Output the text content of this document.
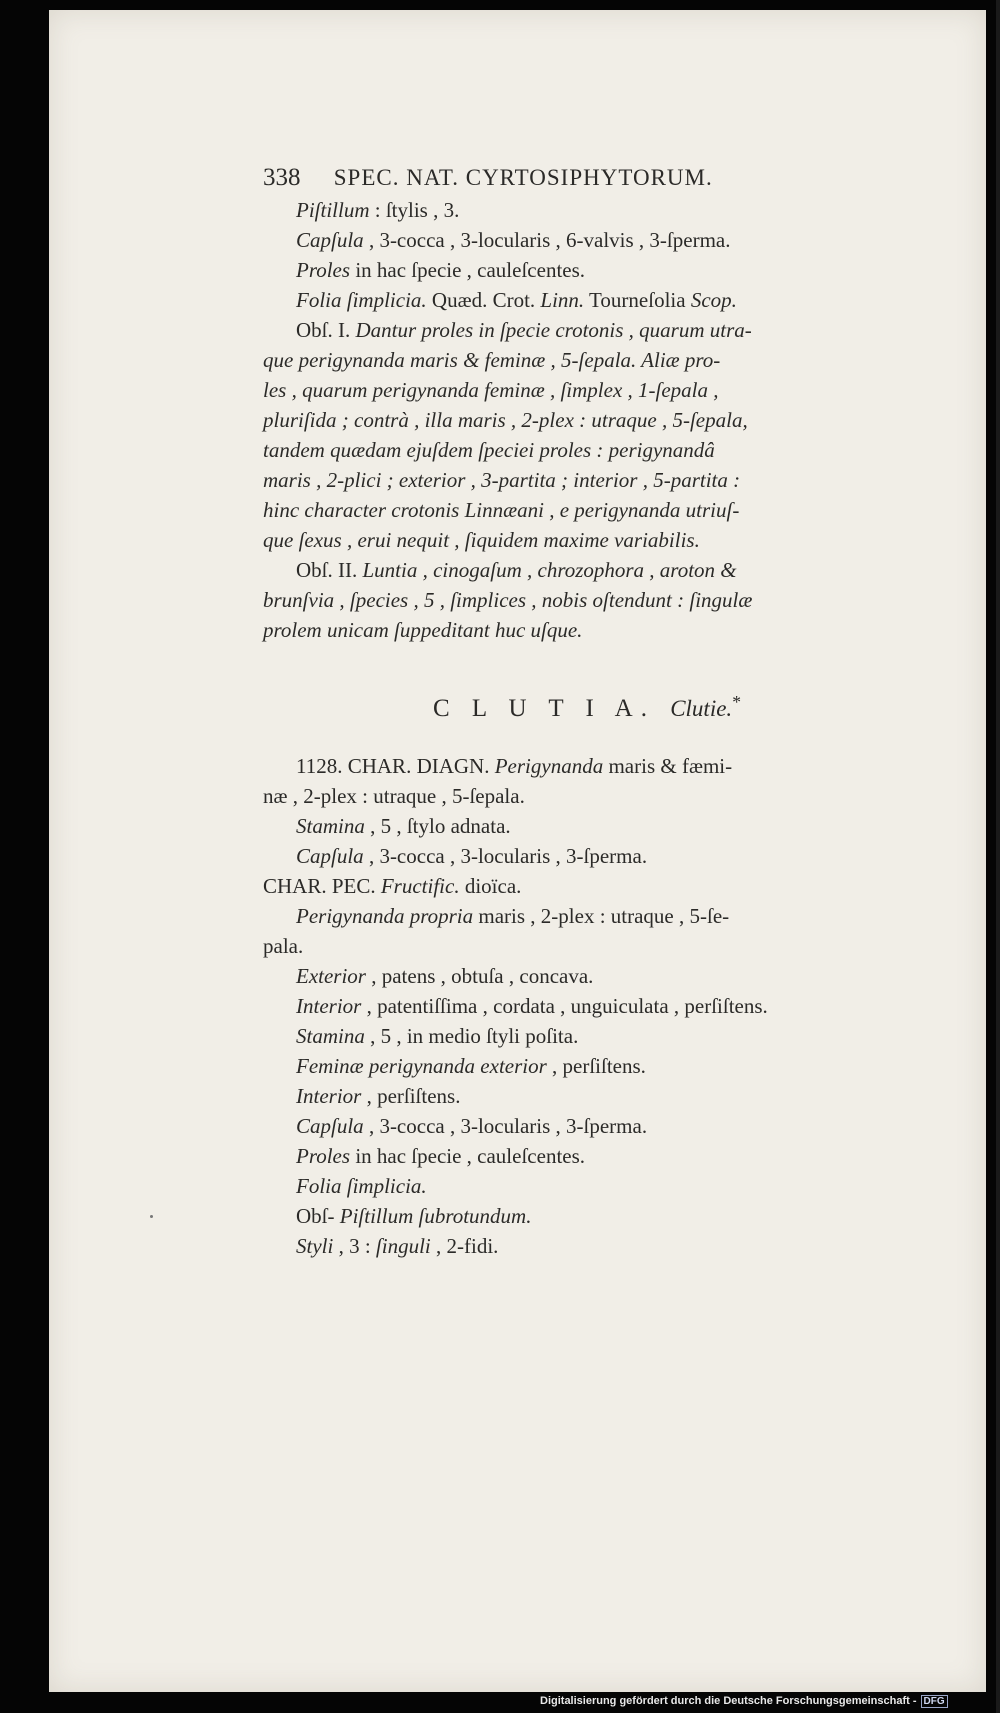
338 SPEC. NAT. CYRTOSIPHYTORUM.
Piſtillum : ſtylis , 3.
Capſula , 3-cocca , 3-locularis , 6-valvis , 3-ſperma.
Proles in hac ſpecie , cauleſcentes.
Folia ſimplicia. Quæd. Crot. Linn. Tourneſolia Scop.
Obſ. I. Dantur proles in ſpecie crotonis , quarum utra-
que perigynanda maris & feminæ , 5-ſepala. Aliæ pro-
les , quarum perigynanda feminæ , ſimplex , 1-ſepala ,
pluriſida ; contrà , illa maris , 2-plex : utraque , 5-ſepala,
tandem quædam ejuſdem ſpeciei proles : perigynandâ
maris , 2-plici ; exterior , 3-partita ; interior , 5-partita :
hinc character crotonis Linnæani , e perigynanda utriuſ-
que ſexus , erui nequit , ſiquidem maxime variabilis.
Obſ. II. Luntia , cinogaſum , chrozophora , aroton &
brunſvia , ſpecies , 5 , ſimplices , nobis oſtendunt : ſingulæ
prolem unicam ſuppeditant huc uſque.
C L U T I A. Clutie.*
1128. CHAR. DIAGN. Perigynanda maris & fæmi-
næ , 2-plex : utraque , 5-ſepala.
Stamina , 5 , ſtylo adnata.
Capſula , 3-cocca , 3-locularis , 3-ſperma.
CHAR. PEC. Fructific. dioïca.
Perigynanda propria maris , 2-plex : utraque , 5-ſe-
pala.
Exterior , patens , obtuſa , concava.
Interior , patentiſſima , cordata , unguiculata , perſiſtens.
Stamina , 5 , in medio ſtyli poſita.
Feminæ perigynanda exterior , perſiſtens.
Interior , perſiſtens.
Capſula , 3-cocca , 3-locularis , 3-ſperma.
Proles in hac ſpecie , cauleſcentes.
Folia ſimplicia.
Obſ- Piſtillum ſubrotundum.
Styli , 3 : ſinguli , 2-fidi.
Digitalisierung gefördert durch die Deutsche Forschungsgemeinschaft - DFG
